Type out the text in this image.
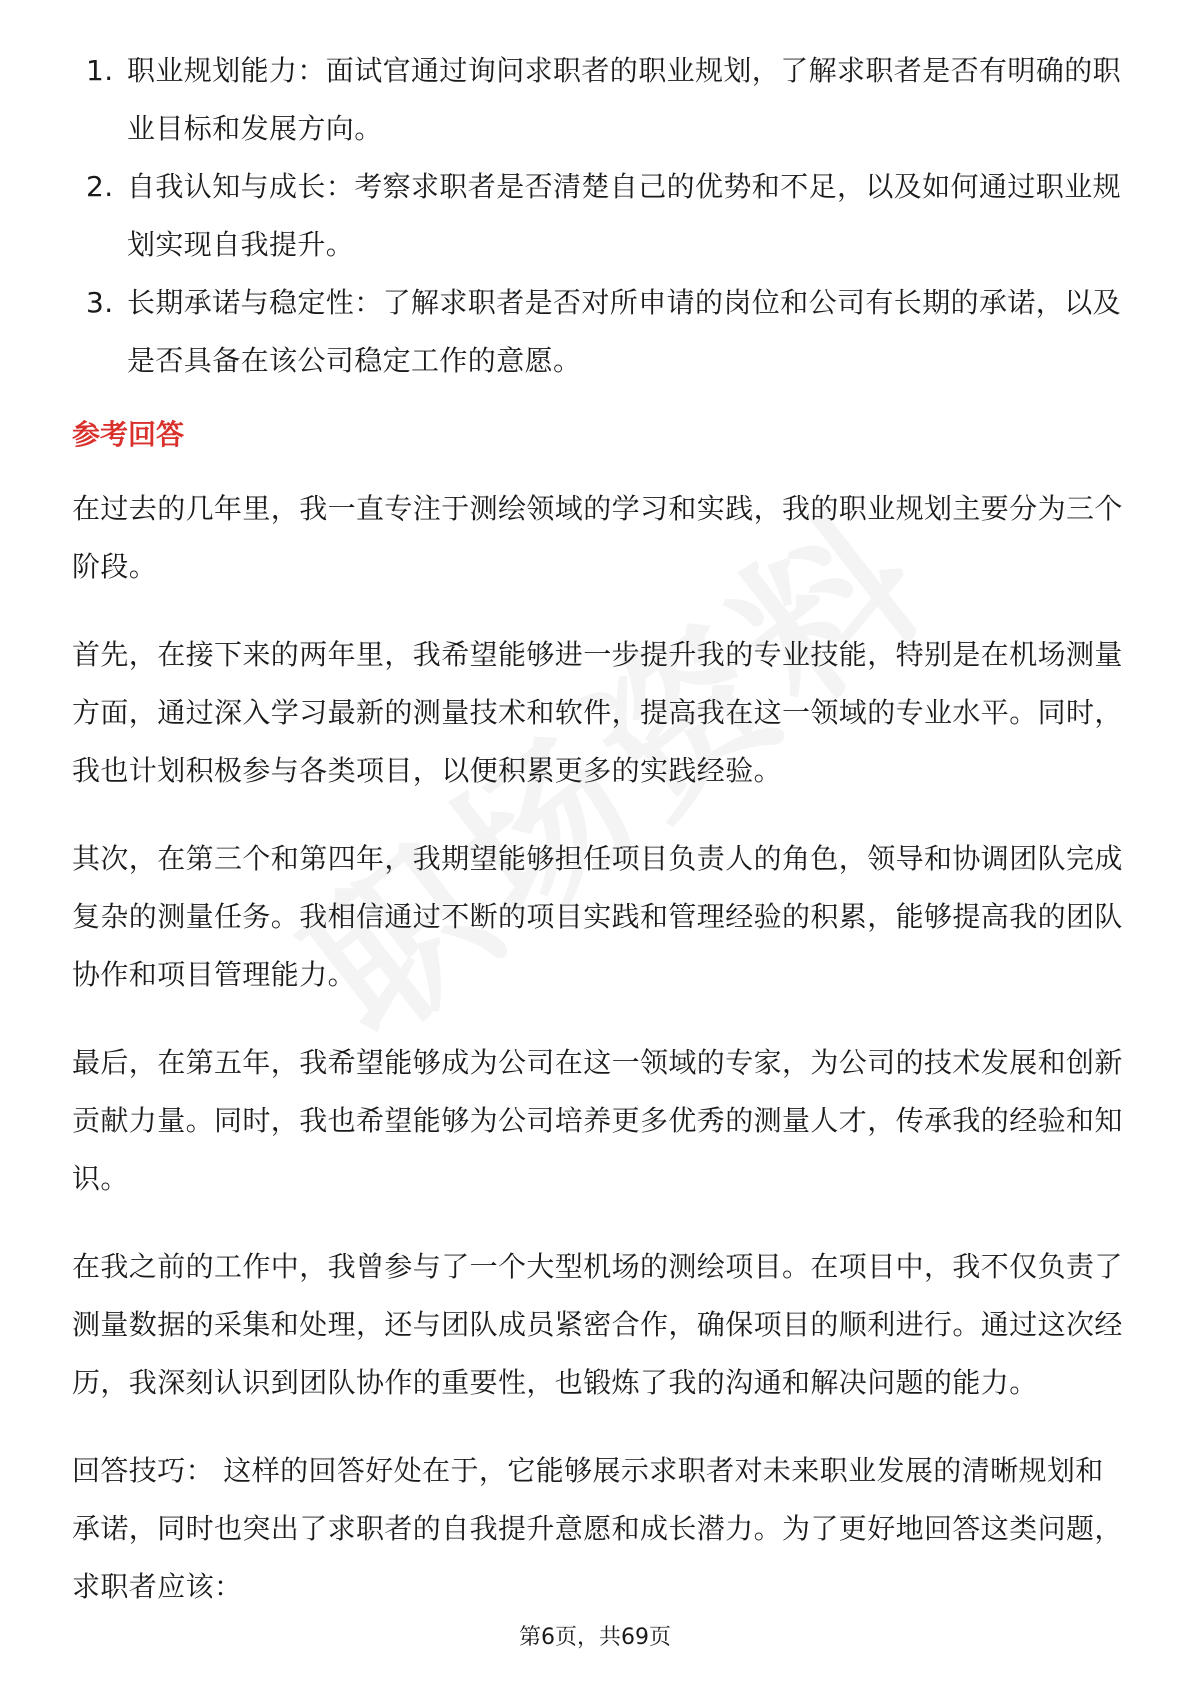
1. 职业规划能力：面试官通过询问求职者的职业规划，了解求职者是否有明确的职业目标和发展方向。
2. 自我认知与成长：考察求职者是否清楚自己的优势和不足，以及如何通过职业规划实现自我提升。
3. 长期承诺与稳定性：了解求职者是否对所申请的岗位和公司有长期的承诺，以及是否具备在该公司稳定工作的意愿。
参考回答

在过去的几年里，我一直专注于测绘领域的学习和实践，我的职业规划主要分为三个阶段。

首先，在接下来的两年里，我希望能够进一步提升我的专业技能，特别是在机场测量方面，通过深入学习最新的测量技术和软件，提高我在这一领域的专业水平。同时，我也计划积极参与各类项目，以便积累更多的实践经验。

其次，在第三个和第四年，我期望能够担任项目负责人的角色，领导和协调团队完成复杂的测量任务。我相信通过不断的项目实践和管理经验的积累，能够提高我的团队协作和项目管理能力。

最后，在第五年，我希望能够成为公司在这一领域的专家，为公司的技术发展和创新贡献力量。同时，我也希望能够为公司培养更多优秀的测量人才，传承我的经验和知识。

在我之前的工作中，我曾参与了一个大型机场的测绘项目。在项目中，我不仅负责了测量数据的采集和处理，还与团队成员紧密合作，确保项目的顺利进行。通过这次经历，我深刻认识到团队协作的重要性，也锻炼了我的沟通和解决问题的能力。

回答技巧： 这样的回答好处在于，它能够展示求职者对未来职业发展的清晰规划和承诺，同时也突出了求职者的自我提升意愿和成长潜力。为了更好地回答这类问题，求职者应该：

第6页，共69页
